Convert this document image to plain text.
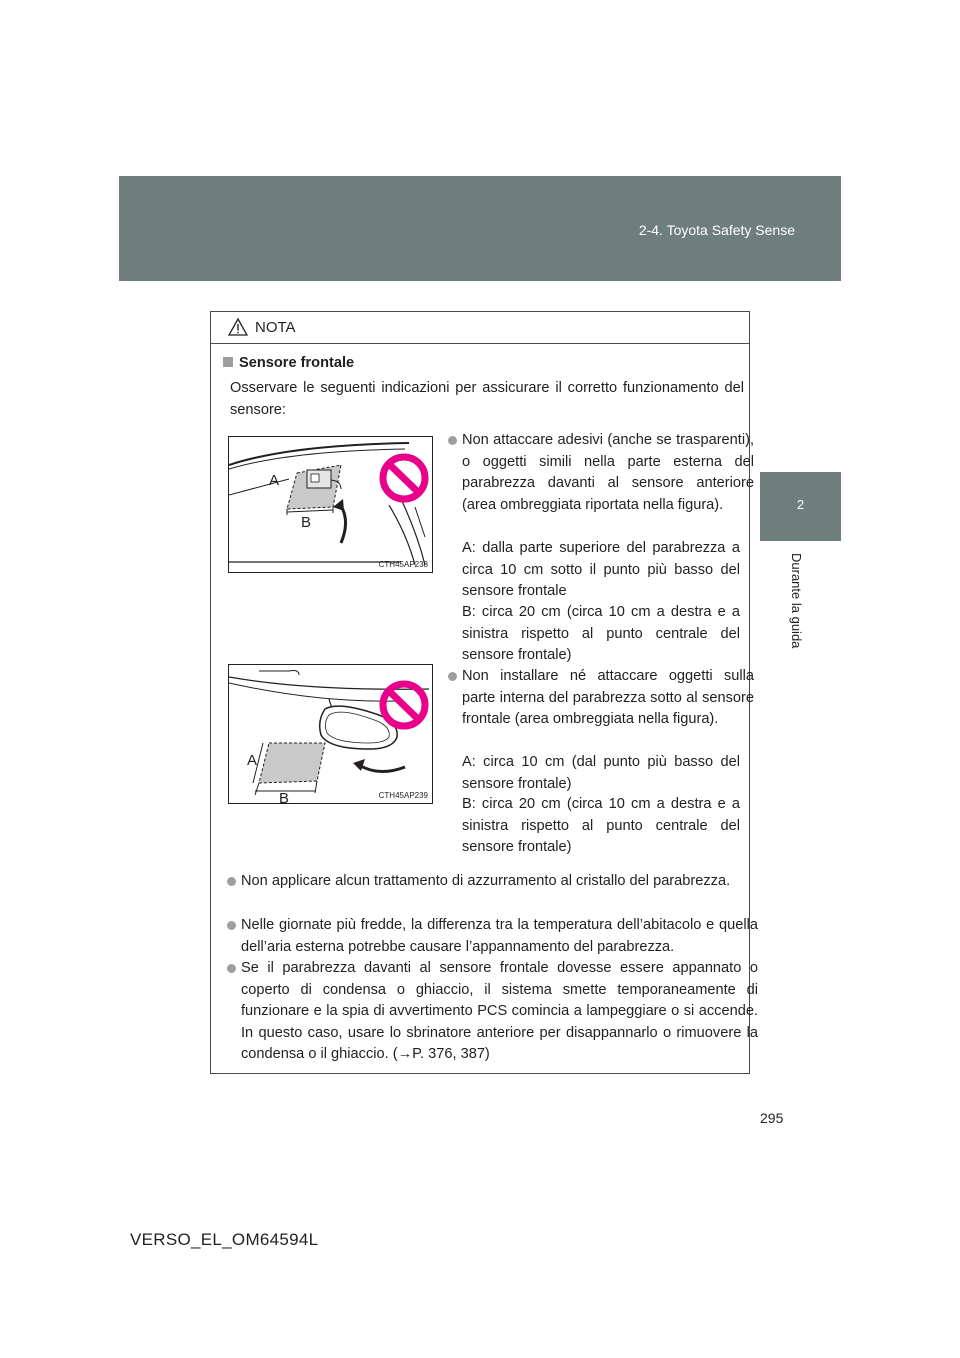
2-4. Toyota Safety Sense
2
Durante la guida
NOTA
Sensore frontale
Osservare le seguenti indicazioni per assicurare il corretto funzionamento del sensore:
A
B
CTH45AP238
A
B	CTH45AP239
Non attaccare adesivi (anche se trasparenti), o oggetti simili nella parte esterna del parabrezza davanti al sensore anteriore (area ombreggiata riportata nella figura).
A: dalla parte superiore del parabrezza a circa 10 cm sotto il punto più basso del sensore frontale
B: circa 20 cm (circa 10 cm a destra e a sinistra rispetto al punto centrale del sensore frontale)
Non installare né attaccare oggetti sulla parte interna del parabrezza sotto al sensore frontale (area ombreggiata nella figura).
A: circa 10 cm (dal punto più basso del sensore frontale)
B: circa 20 cm (circa 10 cm a destra e a sinistra rispetto al punto centrale del sensore frontale)
Non applicare alcun trattamento di azzurramento al cristallo del parabrezza.
Nelle giornate più fredde, la differenza tra la temperatura dell’abitacolo e quella dell’aria esterna potrebbe causare l’appannamento del parabrezza.
Se il parabrezza davanti al sensore frontale dovesse essere appannato o coperto di condensa o ghiaccio, il sistema smette temporaneamente di funzionare e la spia di avvertimento PCS comincia a lampeggiare o si accende. In questo caso, usare lo sbrinatore anteriore per disappannarlo o rimuovere la condensa o il ghiaccio. (→P. 376, 387)
295
VERSO_EL_OM64594L
